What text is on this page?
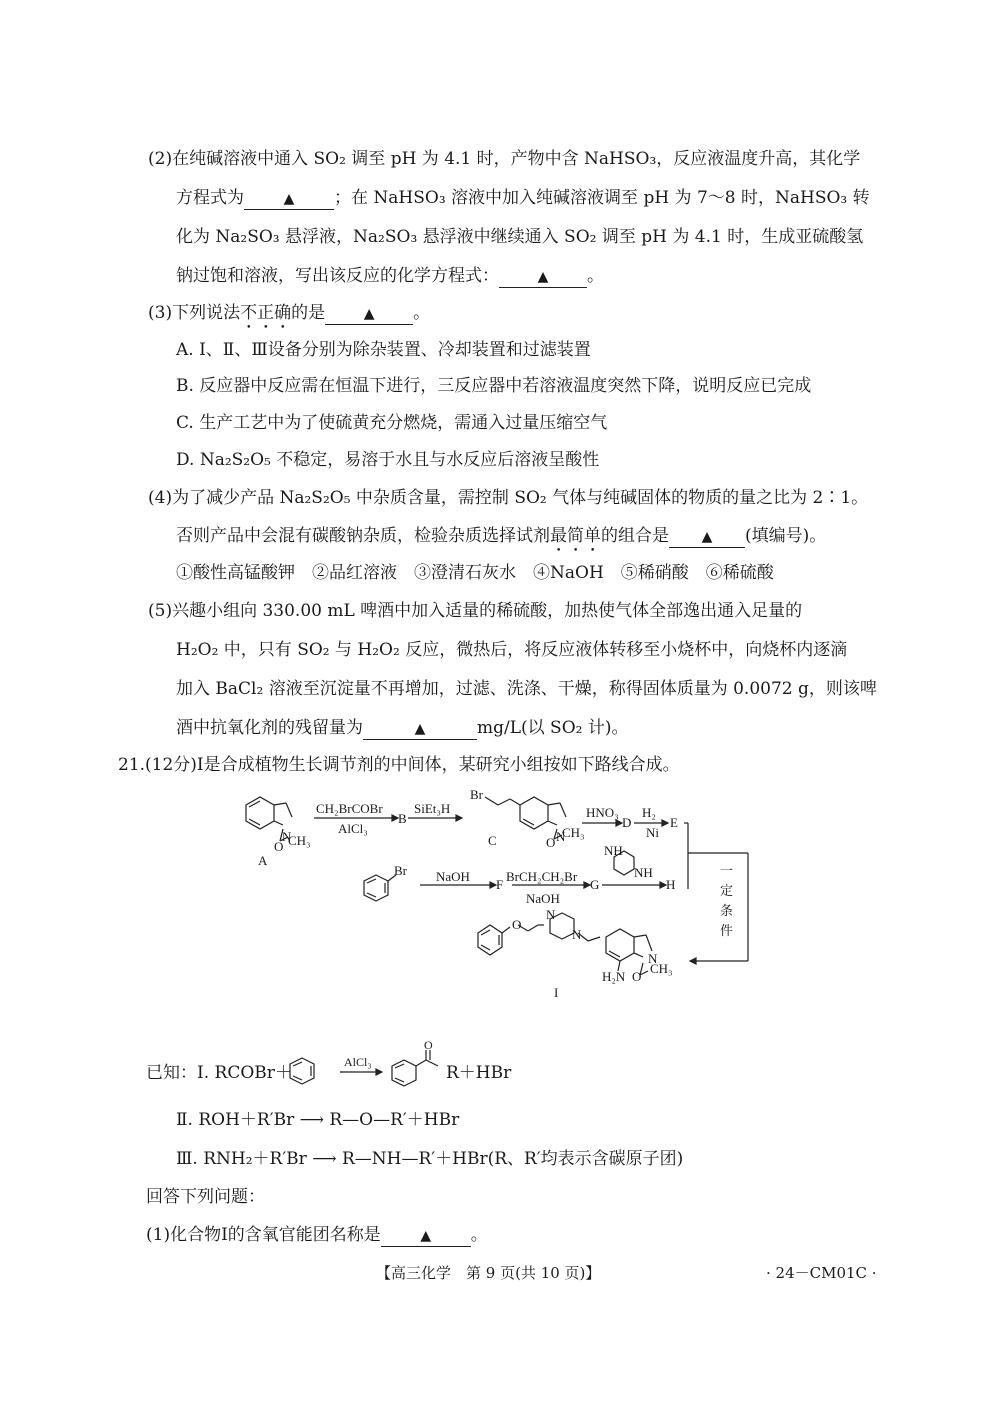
(2)在纯碱溶液中通入 SO₂ 调至 pH 为 4.1 时，产物中含 NaHSO₃，反应液温度升高，其化学
方程式为	▲ ；在 NaHSO₃ 溶液中加入纯碱溶液调至 pH 为 7～8 时，NaHSO₃ 转
化为 Na₂SO₃ 悬浮液，Na₂SO₃ 悬浮液中继续通入 SO₂ 调至 pH 为 4.1 时，生成亚硫酸氢
钠过饱和溶液，写出该反应的化学方程式：	▲ 。
(3)下列说法不正确的是	▲ 。
A. Ⅰ、Ⅱ、Ⅲ设备分别为除杂装置、冷却装置和过滤装置
B. 反应器中反应需在恒温下进行，三反应器中若溶液温度突然下降，说明反应已完成
C. 生产工艺中为了使硫黄充分燃烧，需通入过量压缩空气
D. Na₂S₂O₅ 不稳定，易溶于水且与水反应后溶液呈酸性
(4)为了减少产品 Na₂S₂O₅ 中杂质含量，需控制 SO₂ 气体与纯碱固体的物质的量之比为 2∶1。
否则产品中会混有碳酸钠杂质，检验杂质选择试剂最简单的组合是 ▲ (填编号)。
①酸性高锰酸钾　②品红溶液　③澄清石灰水　④NaOH　⑤稀硝酸　⑥稀硫酸
(5)兴趣小组向 330.00 mL 啤酒中加入适量的稀硫酸，加热使气体全部逸出通入足量的
H₂O₂ 中，只有 SO₂ 与 H₂O₂ 反应，微热后，将反应液体转移至小烧杯中，向烧杯内逐滴
加入 BaCl₂ 溶液至沉淀量不再增加，过滤、洗涤、干燥，称得固体质量为 0.0072 g，则该啤
酒中抗氧化剂的残留量为	▲	mg/L(以 SO₂ 计)。
21.(12分)I是合成植物生长调节剂的中间体，某研究小组按如下路线合成。
N
CH₃
O
A
CH₂BrCOBr
AlCl₃
B
SiEt₃H
Br
N
CH₃
O
C
HNO₃
D
H₂
Ni
E
Br NaOH
F
BrCH₂CH₂Br
NaOH
G
NH
NH
H
O
N
N
N
CH₃
O
H₂N
I
一
定
条
件
已知：Ⅰ. RCOBr＋
AlCl₃
O
R＋HBr
Ⅱ. ROH＋R′Br ⟶ R—O—R′＋HBr
Ⅲ. RNH₂＋R′Br ⟶ R—NH—R′＋HBr(R、R′均表示含碳原子团)
回答下列问题：
(1)化合物I的含氧官能团名称是	▲ 。
【高三化学　第 9 页(共 10 页)】	· 24－CM01C ·
